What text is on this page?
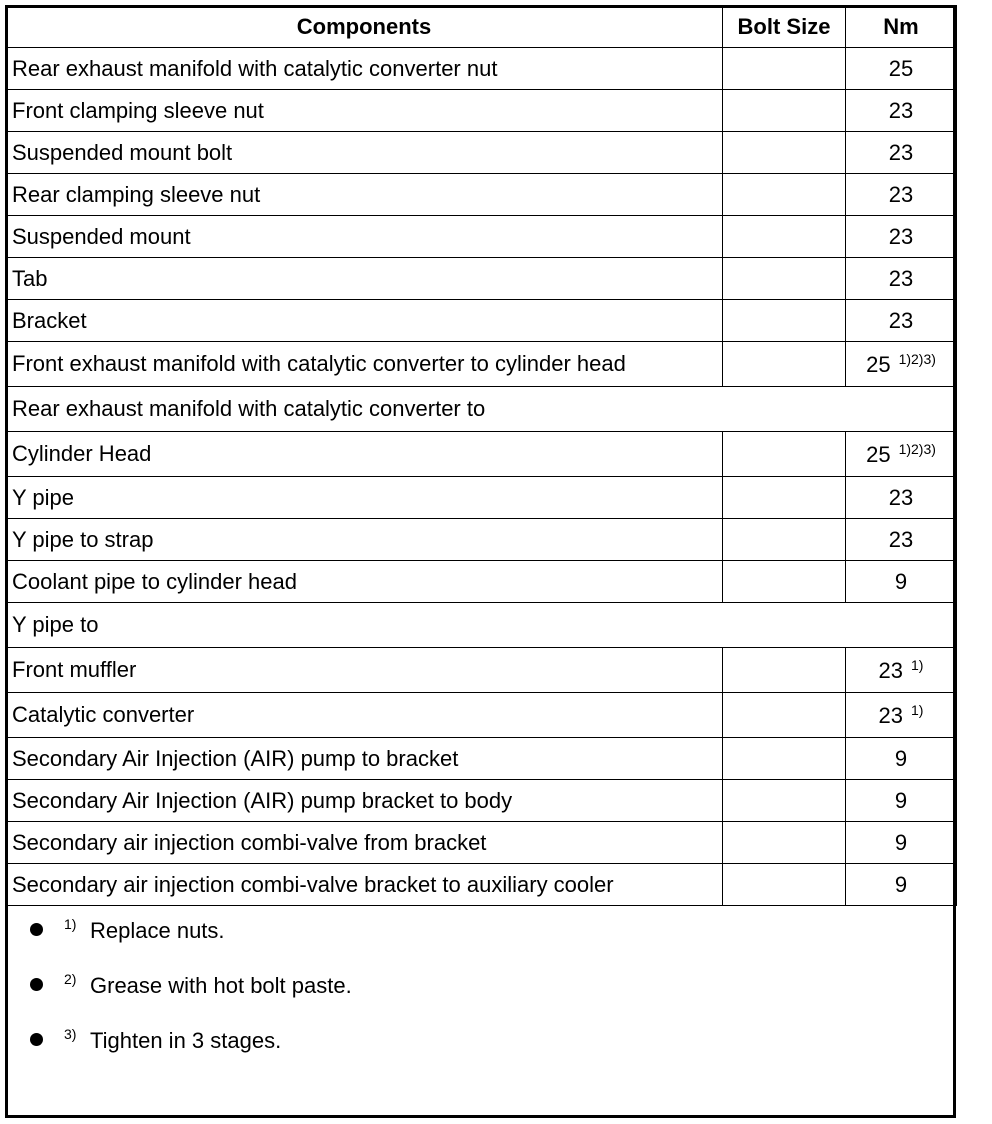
Components	Bolt Size	Nm
Rear exhaust manifold with catalytic converter nut		25
Front clamping sleeve nut		23
Suspended mount bolt		23
Rear clamping sleeve nut		23
Suspended mount		23
Tab		23
Bracket		23
Front exhaust manifold with catalytic converter to cylinder head		25 $^{1)2)3)}$
Rear exhaust manifold with catalytic converter to		
Cylinder Head		25 $^{1)2)3)}$
Y pipe		23
Y pipe to strap		23
Coolant pipe to cylinder head		9
Y pipe to		
Front muffler		23 $^{1)}$
Catalytic converter		23 $^{1)}$
Secondary Air Injection (AIR) pump to bracket		9
Secondary Air Injection (AIR) pump bracket to body		9
Secondary air injection combi-valve from bracket		9
Secondary air injection combi-valve bracket to auxiliary cooler		9
1) Replace nuts.
2) Grease with hot bolt paste.
3) Tighten in 3 stages.
